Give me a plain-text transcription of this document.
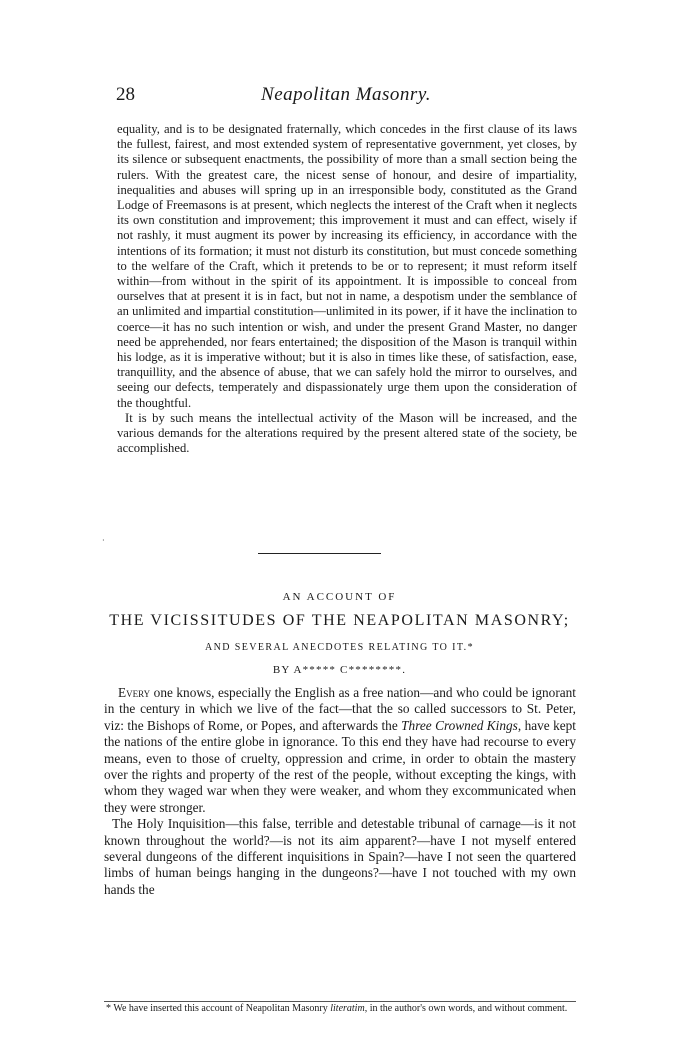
28	Neapolitan Masonry.

equality, and is to be designated fraternally, which concedes in the first clause of its laws the fullest, fairest, and most extended system of representative government, yet closes, by its silence or subsequent enactments, the possibility of more than a small section being the rulers. With the greatest care, the nicest sense of honour, and desire of impartiality, inequalities and abuses will spring up in an irresponsible body, constituted as the Grand Lodge of Freemasons is at present, which neglects the interest of the Craft when it neglects its own constitution and improvement; this improvement it must and can effect, wisely if not rashly, it must augment its power by increasing its efficiency, in accordance with the intentions of its formation; it must not disturb its constitution, but must concede something to the welfare of the Craft, which it pretends to be or to represent; it must reform itself within—from without in the spirit of its appointment. It is impossible to conceal from ourselves that at present it is in fact, but not in name, a despotism under the semblance of an unlimited and impartial constitution—unlimited in its power, if it have the inclination to coerce—it has no such intention or wish, and under the present Grand Master, no danger need be apprehended, nor fears entertained; the disposition of the Mason is tranquil within his lodge, as it is imperative without; but it is also in times like these, of satisfaction, ease, tranquillity, and the absence of abuse, that we can safely hold the mirror to ourselves, and seeing our defects, temperately and dispassionately urge them upon the consideration of the thoughtful.

It is by such means the intellectual activity of the Mason will be increased, and the various demands for the alterations required by the present altered state of the society, be accomplished.

·
AN ACCOUNT OF
THE VICISSITUDES OF THE NEAPOLITAN MASONRY;
AND SEVERAL ANECDOTES RELATING TO IT.*
BY A***** C********.

Every one knows, especially the English as a free nation—and who could be ignorant in the century in which we live of the fact—that the so called successors to St. Peter, viz: the Bishops of Rome, or Popes, and afterwards the Three Crowned Kings, have kept the nations of the entire globe in ignorance. To this end they have had recourse to every means, even to those of cruelty, oppression and crime, in order to obtain the mastery over the rights and property of the rest of the people, without excepting the kings, with whom they waged war when they were weaker, and whom they excommunicated when they were stronger.

The Holy Inquisition—this false, terrible and detestable tribunal of carnage—is it not known throughout the world?—is not its aim apparent?—have I not myself entered several dungeons of the different inquisitions in Spain?—have I not seen the quartered limbs of human beings hanging in the dungeons?—have I not touched with my own hands the

* We have inserted this account of Neapolitan Masonry literatim, in the author's own words, and without comment.
